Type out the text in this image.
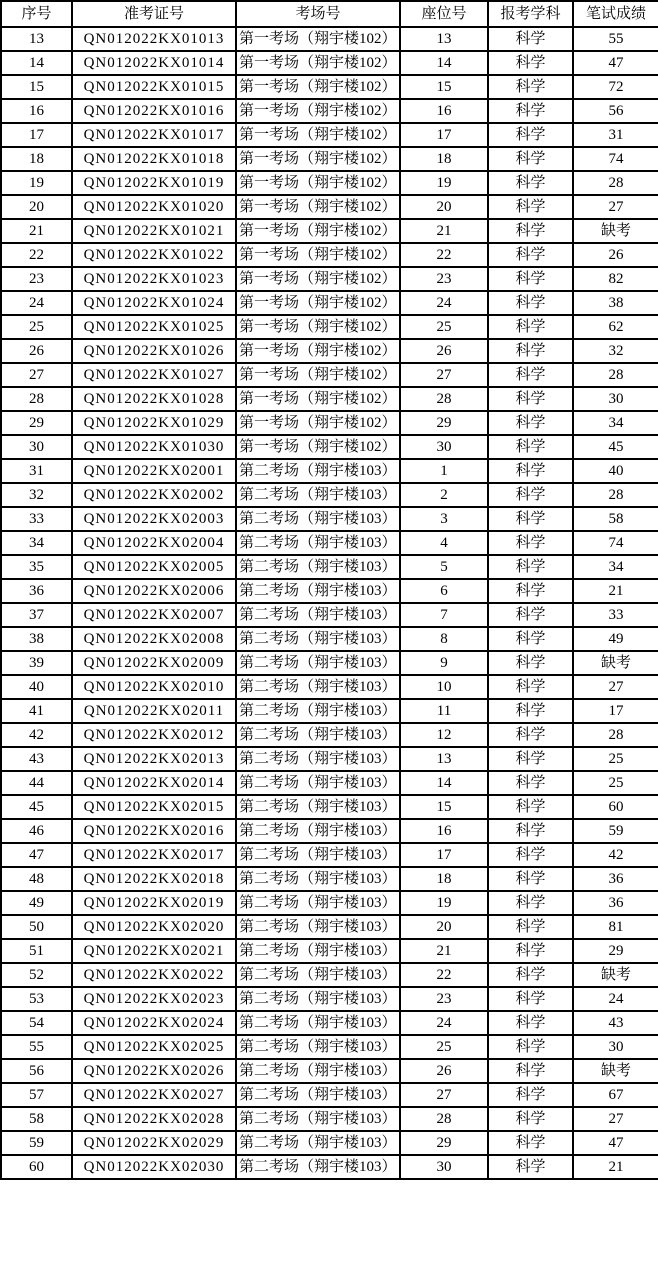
序号	准考证号	考场号	座位号	报考学科	笔试成绩
13	QN012022KX01013	第一考场（翔宇楼102）	13	科学	55
14	QN012022KX01014	第一考场（翔宇楼102）	14	科学	47
15	QN012022KX01015	第一考场（翔宇楼102）	15	科学	72
16	QN012022KX01016	第一考场（翔宇楼102）	16	科学	56
17	QN012022KX01017	第一考场（翔宇楼102）	17	科学	31
18	QN012022KX01018	第一考场（翔宇楼102）	18	科学	74
19	QN012022KX01019	第一考场（翔宇楼102）	19	科学	28
20	QN012022KX01020	第一考场（翔宇楼102）	20	科学	27
21	QN012022KX01021	第一考场（翔宇楼102）	21	科学	缺考
22	QN012022KX01022	第一考场（翔宇楼102）	22	科学	26
23	QN012022KX01023	第一考场（翔宇楼102）	23	科学	82
24	QN012022KX01024	第一考场（翔宇楼102）	24	科学	38
25	QN012022KX01025	第一考场（翔宇楼102）	25	科学	62
26	QN012022KX01026	第一考场（翔宇楼102）	26	科学	32
27	QN012022KX01027	第一考场（翔宇楼102）	27	科学	28
28	QN012022KX01028	第一考场（翔宇楼102）	28	科学	30
29	QN012022KX01029	第一考场（翔宇楼102）	29	科学	34
30	QN012022KX01030	第一考场（翔宇楼102）	30	科学	45
31	QN012022KX02001	第二考场（翔宇楼103）	1	科学	40
32	QN012022KX02002	第二考场（翔宇楼103）	2	科学	28
33	QN012022KX02003	第二考场（翔宇楼103）	3	科学	58
34	QN012022KX02004	第二考场（翔宇楼103）	4	科学	74
35	QN012022KX02005	第二考场（翔宇楼103）	5	科学	34
36	QN012022KX02006	第二考场（翔宇楼103）	6	科学	21
37	QN012022KX02007	第二考场（翔宇楼103）	7	科学	33
38	QN012022KX02008	第二考场（翔宇楼103）	8	科学	49
39	QN012022KX02009	第二考场（翔宇楼103）	9	科学	缺考
40	QN012022KX02010	第二考场（翔宇楼103）	10	科学	27
41	QN012022KX02011	第二考场（翔宇楼103）	11	科学	17
42	QN012022KX02012	第二考场（翔宇楼103）	12	科学	28
43	QN012022KX02013	第二考场（翔宇楼103）	13	科学	25
44	QN012022KX02014	第二考场（翔宇楼103）	14	科学	25
45	QN012022KX02015	第二考场（翔宇楼103）	15	科学	60
46	QN012022KX02016	第二考场（翔宇楼103）	16	科学	59
47	QN012022KX02017	第二考场（翔宇楼103）	17	科学	42
48	QN012022KX02018	第二考场（翔宇楼103）	18	科学	36
49	QN012022KX02019	第二考场（翔宇楼103）	19	科学	36
50	QN012022KX02020	第二考场（翔宇楼103）	20	科学	81
51	QN012022KX02021	第二考场（翔宇楼103）	21	科学	29
52	QN012022KX02022	第二考场（翔宇楼103）	22	科学	缺考
53	QN012022KX02023	第二考场（翔宇楼103）	23	科学	24
54	QN012022KX02024	第二考场（翔宇楼103）	24	科学	43
55	QN012022KX02025	第二考场（翔宇楼103）	25	科学	30
56	QN012022KX02026	第二考场（翔宇楼103）	26	科学	缺考
57	QN012022KX02027	第二考场（翔宇楼103）	27	科学	67
58	QN012022KX02028	第二考场（翔宇楼103）	28	科学	27
59	QN012022KX02029	第二考场（翔宇楼103）	29	科学	47
60	QN012022KX02030	第二考场（翔宇楼103）	30	科学	21
